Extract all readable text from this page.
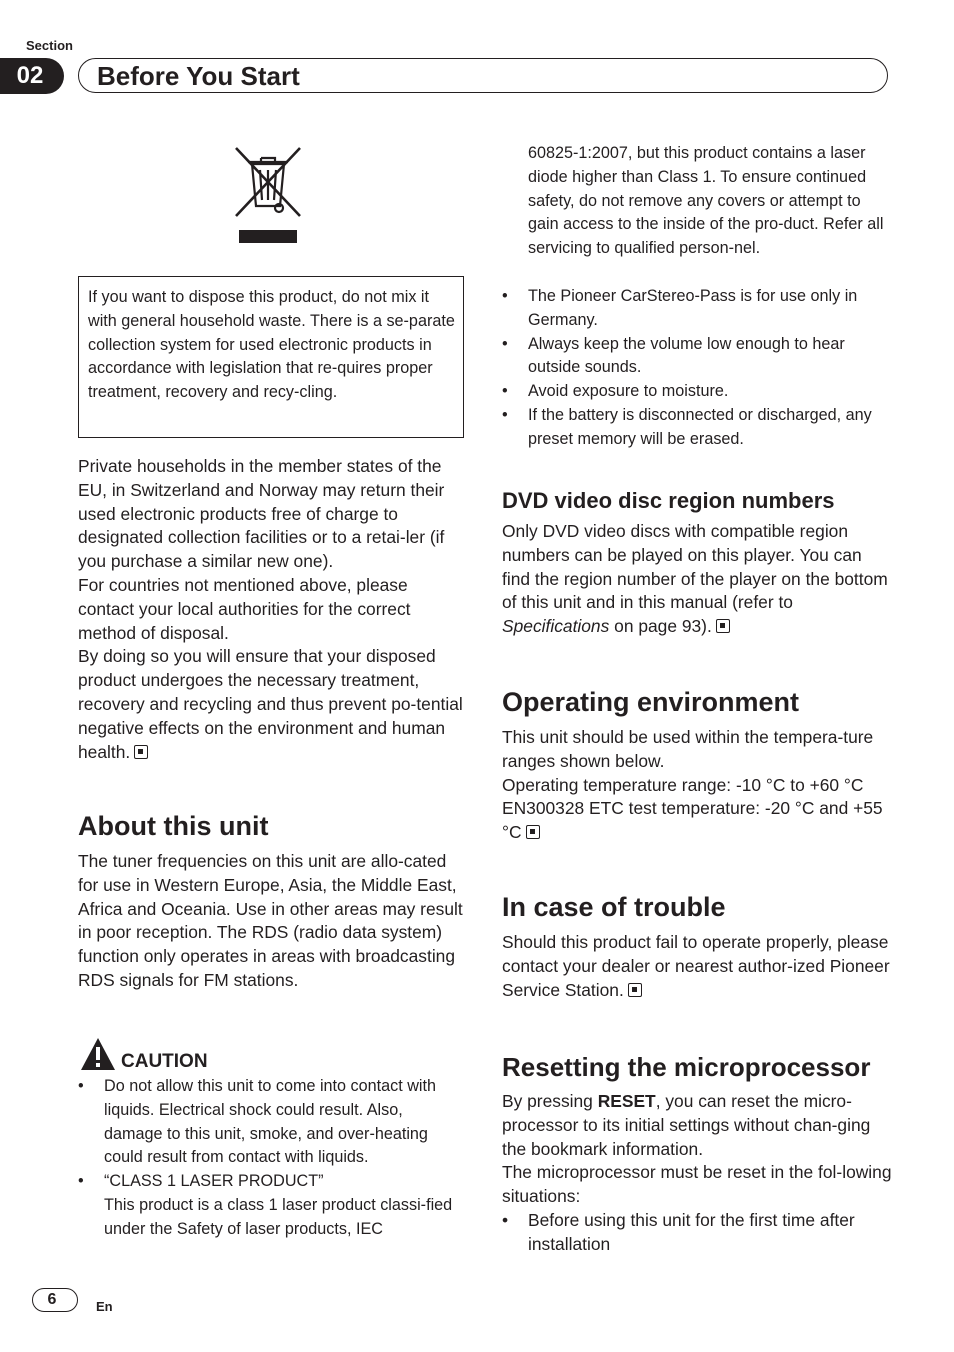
Section
02	Before You Start
If you want to dispose this product, do not mix it with general household waste. There is a se-parate collection system for used electronic products in accordance with legislation that re-quires proper treatment, recovery and recy-cling.
Private households in the member states of the EU, in Switzerland and Norway may return their used electronic products free of charge to designated collection facilities or to a retai-ler (if you purchase a similar new one).
For countries not mentioned above, please contact your local authorities for the correct method of disposal.
By doing so you will ensure that your disposed product undergoes the necessary treatment, recovery and recycling and thus prevent po-tential negative effects on the environment and human health.
About this unit
The tuner frequencies on this unit are allo-cated for use in Western Europe, Asia, the Middle East, Africa and Oceania. Use in other areas may result in poor reception. The RDS (radio data system) function only operates in areas with broadcasting RDS signals for FM stations.
CAUTION
• Do not allow this unit to come into contact with liquids. Electrical shock could result. Also, damage to this unit, smoke, and over-heating could result from contact with liquids.
• “CLASS 1 LASER PRODUCT”
This product is a class 1 laser product classi-fied under the Safety of laser products, IEC
60825-1:2007, but this product contains a laser diode higher than Class 1. To ensure continued safety, do not remove any covers or attempt to gain access to the inside of the pro-duct. Refer all servicing to qualified person-nel.
• The Pioneer CarStereo-Pass is for use only in Germany.
• Always keep the volume low enough to hear outside sounds.
• Avoid exposure to moisture.
• If the battery is disconnected or discharged, any preset memory will be erased.
DVD video disc region numbers
Only DVD video discs with compatible region numbers can be played on this player. You can find the region number of the player on the bottom of this unit and in this manual (refer to Specifications on page 93).
Operating environment
This unit should be used within the tempera-ture ranges shown below.
Operating temperature range: -10 °C to +60 °C
EN300328 ETC test temperature: -20 °C and +55 °C
In case of trouble
Should this product fail to operate properly, please contact your dealer or nearest author-ized Pioneer Service Station.
Resetting the microprocessor
By pressing RESET, you can reset the micro-processor to its initial settings without chan-ging the bookmark information.
The microprocessor must be reset in the fol-lowing situations:
• Before using this unit for the first time after installation
6	En
